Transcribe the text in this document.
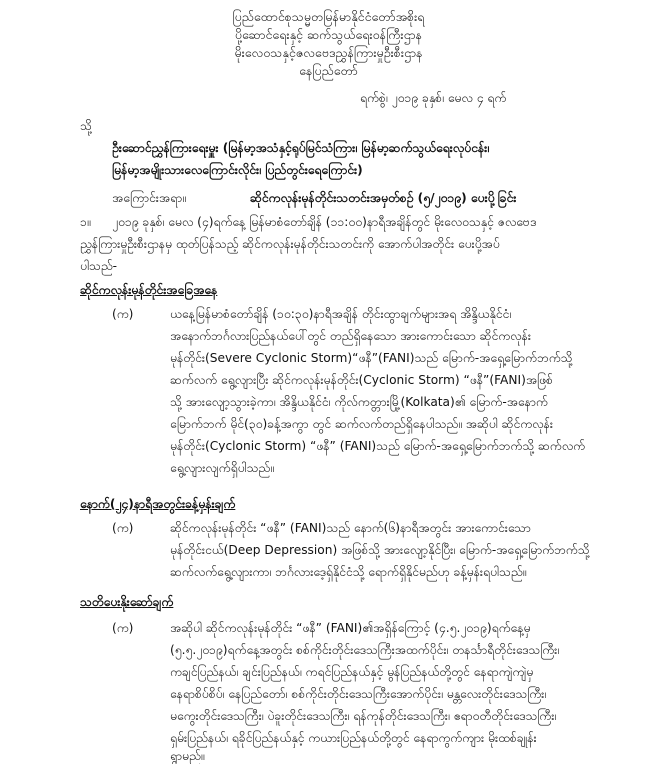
ပြည်ထောင်စုသမ္မတမြန်မာနိုင်ငံတော်အစိုးရ
ပို့ဆောင်ရေးနှင့် ဆက်သွယ်ရေးဝန်ကြီးဌာန
မိုးလေဝသနှင့်ဇလဗေဒညွှန်ကြားမှုဦးစီးဌာန
နေပြည်တော်
ရက်စွဲ၊ ၂၀၁၉ ခုနှစ်၊ မေလ ၄ ရက်
သို့
ဦးဆောင်ညွှန်ကြားရေးမှူး (မြန်မာ့အသံနှင့်ရုပ်မြင်သံကြား၊ မြန်မာ့ဆက်သွယ်ရေးလုပ်ငန်း၊
မြန်မာ့အမျိုးသားလေကြောင်းလိုင်း၊ ပြည်တွင်းရေကြောင်း)
အကြောင်းအရာ။	ဆိုင်ကလုန်းမုန်တိုင်းသတင်းအမှတ်စဉ် (၅/၂၀၁၉) ပေးပို့ခြင်း
၁။ ၂၀၁၉ ခုနှစ်၊ မေလ (၄)ရက်နေ့ မြန်မာစံတော်ချိန် (၁၁:၀၀)နာရီအချိန်တွင် မိုးလေဝသနှင့် ဇလဗေဒ
ညွှန်ကြားမှုဦးစီးဌာနမှ ထုတ်ပြန်သည့် ဆိုင်ကလုန်းမုန်တိုင်းသတင်းကို အောက်ပါအတိုင်း ပေးပို့အပ်
ပါသည်-
ဆိုင်ကလုန်းမုန်တိုင်းအခြေအနေ
(က)	ယနေ့မြန်မာစံတော်ချိန် (၁၀:၃၀)နာရီအချိန် တိုင်းထွာချက်များအရ အိန္ဒိယနိုင်ငံ၊
အနောက်ဘင်္ဂလားပြည်နယ်ပေါ်တွင် တည်ရှိနေသော အားကောင်းသော ဆိုင်ကလုန်း
မုန်တိုင်း(Severe Cyclonic Storm)“ဖနီ”(FANI)သည် မြောက်-အရှေ့မြောက်ဘက်သို့
ဆက်လက် ရွေ့လျားပြီး ဆိုင်ကလုန်းမုန်တိုင်း(Cyclonic Storm) “ဖနီ”(FANI)အဖြစ်
သို့ အားလျော့သွားခဲ့ကာ၊ အိန္ဒိယနိုင်ငံ၊ ကိုလ်ကတ္တားမြို့(Kolkata)၏ မြောက်-အနောက်
မြောက်ဘက် မိုင်(၃၀)ခန့်အကွာ တွင် ဆက်လက်တည်ရှိနေပါသည်။ အဆိုပါ ဆိုင်ကလုန်း
မုန်တိုင်း(Cyclonic Storm) “ဖနီ” (FANI)သည် မြောက်-အရှေ့မြောက်ဘက်သို့ ဆက်လက်
ရွေ့လျားလျက်ရှိပါသည်။
နောက်(၂၄)နာရီအတွင်းခန့်မှန်းချက်
(က)	ဆိုင်ကလုန်းမုန်တိုင်း “ဖနီ” (FANI)သည် နောက်(၆)နာရီအတွင်း အားကောင်းသော
မုန်တိုင်းငယ်(Deep Depression) အဖြစ်သို့ အားလျော့နိုင်ပြီး၊ မြောက်-အရှေ့မြောက်ဘက်သို့
ဆက်လက်ရွေ့လျားကာ၊ ဘင်္ဂလားဒေ့ရှ်နိုင်ငံသို့ ရောက်ရှိနိုင်မည်ဟု ခန့်မှန်းရပါသည်။
သတိပေးနိုးဆော်ချက်
(က)	အဆိုပါ ဆိုင်ကလုန်းမုန်တိုင်း “ဖနီ” (FANI)၏အရှိန်ကြောင့် (၄.၅.၂၀၁၉)ရက်နေ့မှ
(၅.၅.၂၀၁၉)ရက်နေ့အတွင်း စစ်ကိုင်းတိုင်းဒေသကြီးအထက်ပိုင်း၊ တနင်္သာရီတိုင်းဒေသကြီး၊
ကချင်ပြည်နယ်၊ ချင်းပြည်နယ်၊ ကရင်ပြည်နယ်နှင့် မွန်ပြည်နယ်တို့တွင် နေရာကျဲကျဲမှ
နေရာစိပ်စိပ်၊ နေပြည်တော်၊ စစ်ကိုင်းတိုင်းဒေသကြီးအောက်ပိုင်း၊ မန္တလေးတိုင်းဒေသကြီး၊
မကွေးတိုင်းဒေသကြီး၊ ပဲခူးတိုင်းဒေသကြီး၊ ရန်ကုန်တိုင်းဒေသကြီး၊ ဧရာဝတီတိုင်းဒေသကြီး၊
ရှမ်းပြည်နယ်၊ ရခိုင်ပြည်နယ်နှင့် ကယားပြည်နယ်တို့တွင် နေရာကွက်ကျား မိုးထစ်ချုန်း
ရွာမည်။
